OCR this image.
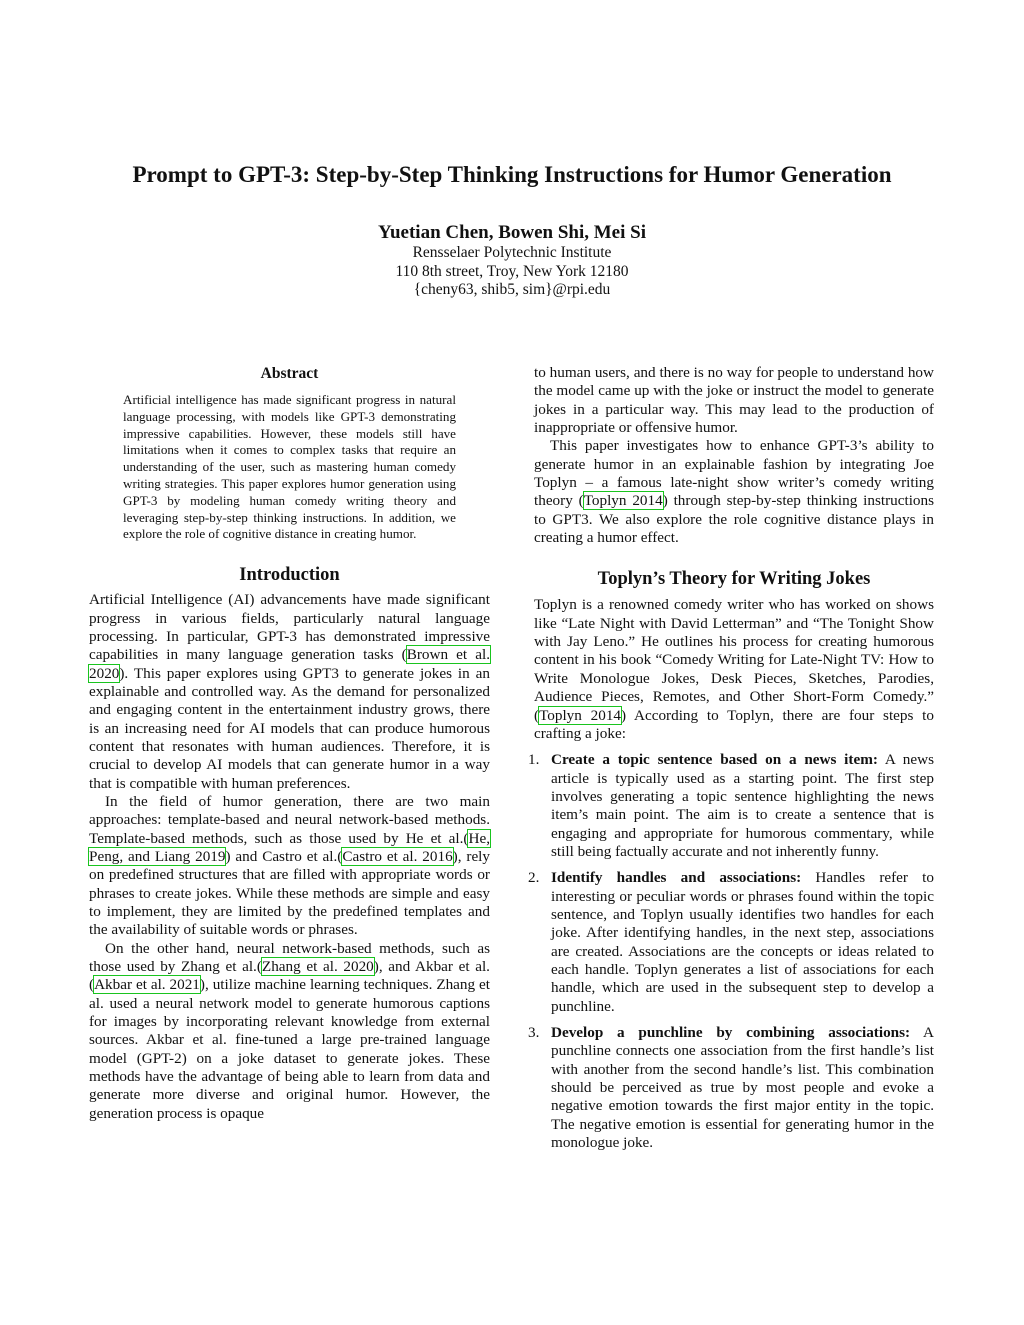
Prompt to GPT-3: Step-by-Step Thinking Instructions for Humor Generation
Yuetian Chen, Bowen Shi, Mei Si
Rensselaer Polytechnic Institute
110 8th street, Troy, New York 12180
{cheny63, shib5, sim}@rpi.edu
Abstract

Artificial intelligence has made significant progress in natural language processing, with models like GPT-3 demonstrating impressive capabilities. However, these models still have limitations when it comes to complex tasks that require an understanding of the user, such as mastering human comedy writing strategies. This paper explores humor generation using GPT-3 by modeling human comedy writing theory and leveraging step-by-step thinking instructions. In addition, we explore the role of cognitive distance in creating humor.

Introduction

Artificial Intelligence (AI) advancements have made significant progress in various fields, particularly natural language processing. In particular, GPT-3 has demonstrated impressive capabilities in many language generation tasks (Brown et al. 2020). This paper explores using GPT3 to generate jokes in an explainable and controlled way. As the demand for personalized and engaging content in the entertainment industry grows, there is an increasing need for AI models that can produce humorous content that resonates with human audiences. Therefore, it is crucial to develop AI models that can generate humor in a way that is compatible with human preferences.

In the field of humor generation, there are two main approaches: template-based and neural network-based methods. Template-based methods, such as those used by He et al.(He, Peng, and Liang 2019) and Castro et al.(Castro et al. 2016), rely on predefined structures that are filled with appropriate words or phrases to create jokes. While these methods are simple and easy to implement, they are limited by the predefined templates and the availability of suitable words or phrases.

On the other hand, neural network-based methods, such as those used by Zhang et al.(Zhang et al. 2020), and Akbar et al.(Akbar et al. 2021), utilize machine learning techniques. Zhang et al. used a neural network model to generate humorous captions for images by incorporating relevant knowledge from external sources. Akbar et al. fine-tuned a large pre-trained language model (GPT-2) on a joke dataset to generate jokes. These methods have the advantage of being able to learn from data and generate more diverse and original humor. However, the generation process is opaque

to human users, and there is no way for people to understand how the model came up with the joke or instruct the model to generate jokes in a particular way. This may lead to the production of inappropriate or offensive humor.

This paper investigates how to enhance GPT-3’s ability to generate humor in an explainable fashion by integrating Joe Toplyn – a famous late-night show writer’s comedy writing theory (Toplyn 2014) through step-by-step thinking instructions to GPT3. We also explore the role cognitive distance plays in creating a humor effect.

Toplyn’s Theory for Writing Jokes

Toplyn is a renowned comedy writer who has worked on shows like “Late Night with David Letterman” and “The Tonight Show with Jay Leno.” He outlines his process for creating humorous content in his book “Comedy Writing for Late-Night TV: How to Write Monologue Jokes, Desk Pieces, Sketches, Parodies, Audience Pieces, Remotes, and Other Short-Form Comedy.” (Toplyn 2014) According to Toplyn, there are four steps to crafting a joke:

1. Create a topic sentence based on a news item: A news article is typically used as a starting point. The first step involves generating a topic sentence highlighting the news item’s main point. The aim is to create a sentence that is engaging and appropriate for humorous commentary, while still being factually accurate and not inherently funny.
2. Identify handles and associations: Handles refer to interesting or peculiar words or phrases found within the topic sentence, and Toplyn usually identifies two handles for each joke. After identifying handles, in the next step, associations are created. Associations are the concepts or ideas related to each handle. Toplyn generates a list of associations for each handle, which are used in the subsequent step to develop a punchline.
3. Develop a punchline by combining associations: A punchline connects one association from the first handle’s list with another from the second handle’s list. This combination should be perceived as true by most people and evoke a negative emotion towards the first major entity in the topic. The negative emotion is essential for generating humor in the monologue joke.
